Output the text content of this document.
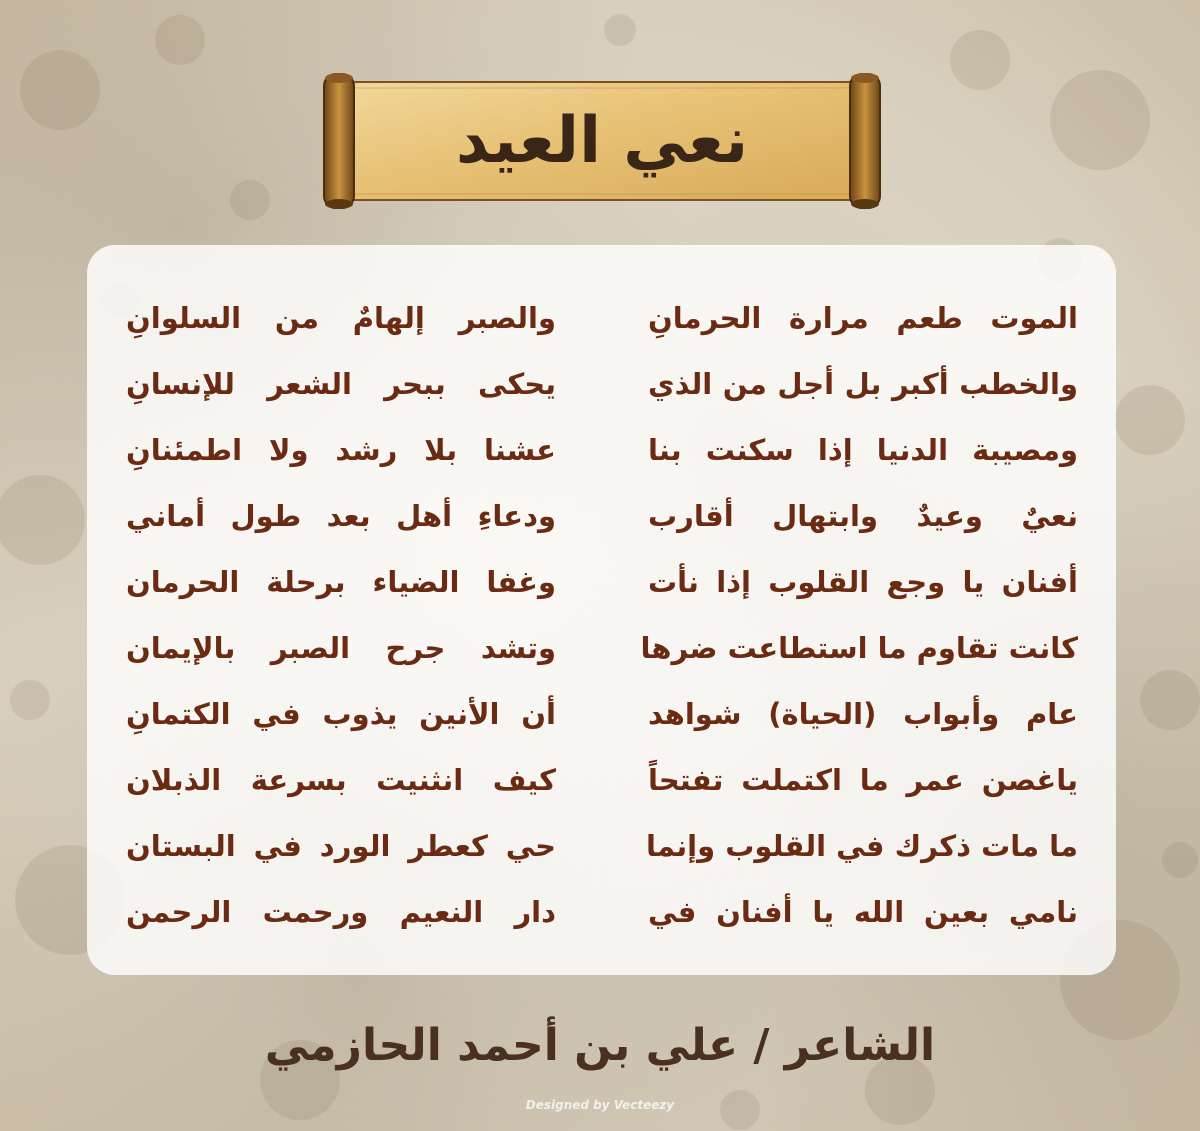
نعي العيد
الموت طعم مرارة الحرمانِ
والصبر إلهامٌ من السلوانِ
والخطب أكبر بل أجل من الذي
يحكى ببحر الشعر للإنسانِ
ومصيبة الدنيا إذا سكنت بنا
عشنا بلا رشد ولا اطمئنانِ
نعيٌ وعيدٌ وابتهال أقارب
ودعاءِ أهل بعد طول أماني
أفنان يا وجع القلوب إذا نأت
وغفا الضياء برحلة الحرمان
كانت تقاوم ما استطاعت ضرها
وتشد جرح الصبر بالإيمان
عام وأبواب (الحياة) شواهد
أن الأنين يذوب في الكتمانِ
ياغصن عمر ما اكتملت تفتحاً
كيف انثنيت بسرعة الذبلان
ما مات ذكرك في القلوب وإنما
حي كعطر الورد في البستان
نامي بعين الله يا أفنان في
دار النعيم ورحمت الرحمن
الشاعر / علي بن أحمد الحازمي
Designed by Vecteezy
